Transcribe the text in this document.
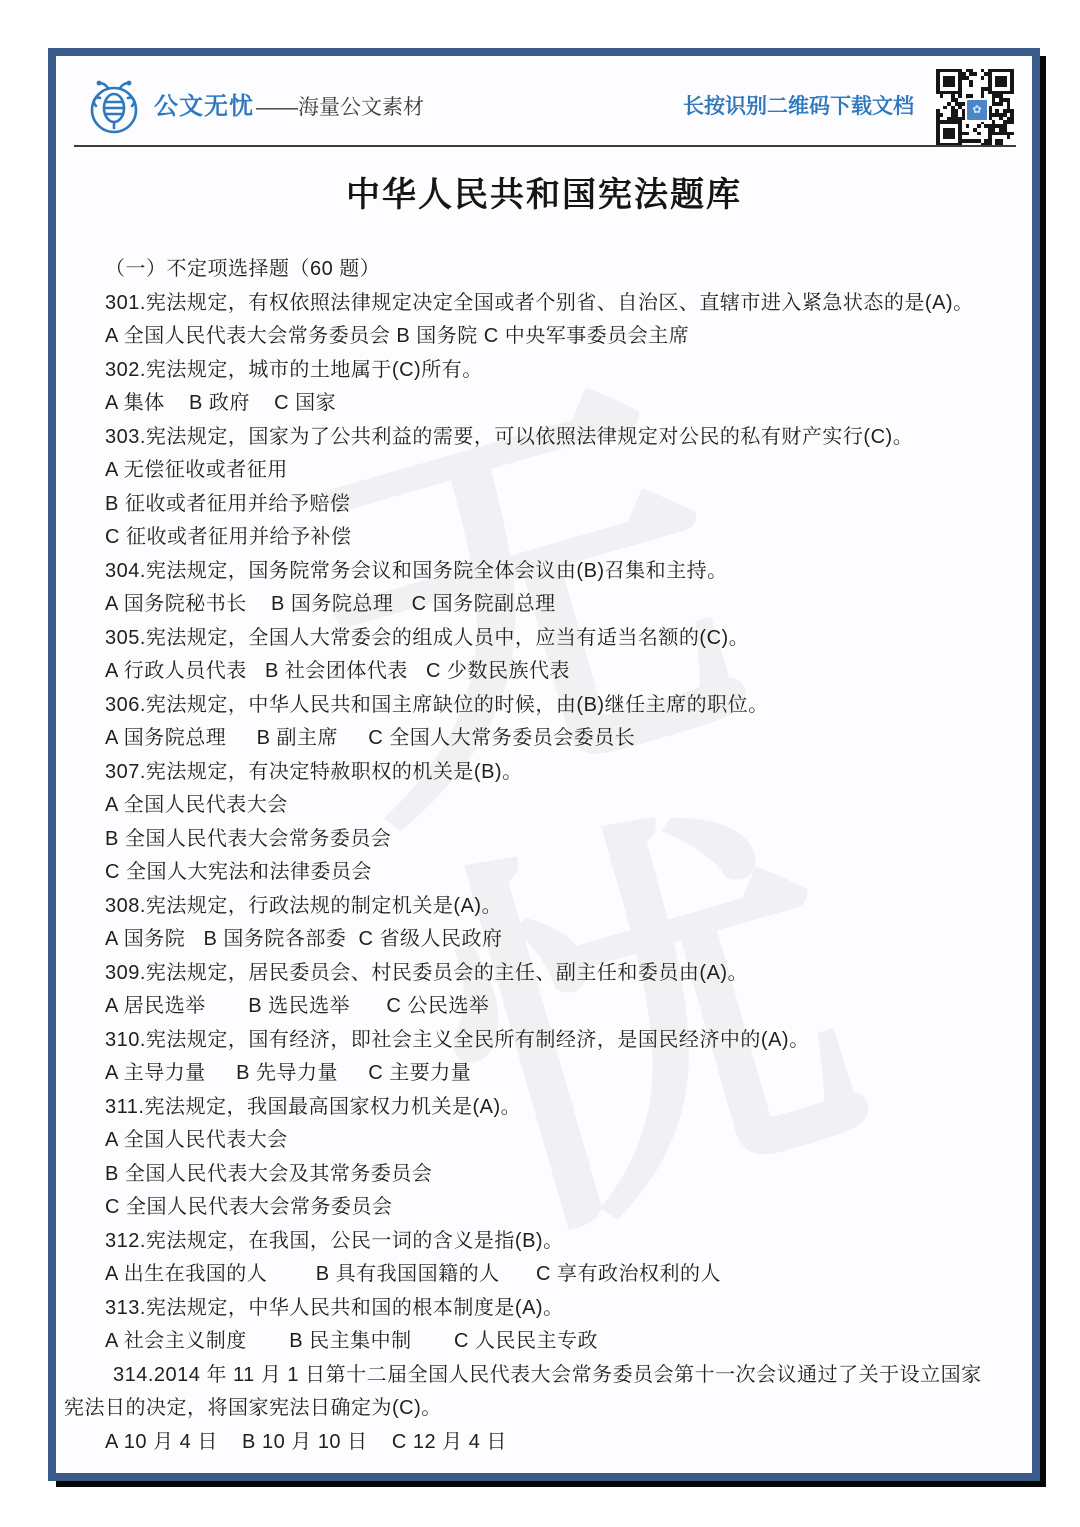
公文无忧 ——海量公文素材	长按识别二维码下载文档	✿
中华人民共和国宪法题库
（一）不定项选择题（60 题）
301.宪法规定，有权依照法律规定决定全国或者个别省、自治区、直辖市进入紧急状态的是(A)。
A 全国人民代表大会常务委员会 B 国务院 C 中央军事委员会主席
302.宪法规定，城市的土地属于(C)所有。
A 集体    B 政府    C 国家
303.宪法规定，国家为了公共利益的需要，可以依照法律规定对公民的私有财产实行(C)。
A 无偿征收或者征用
B 征收或者征用并给予赔偿
C 征收或者征用并给予补偿
304.宪法规定，国务院常务会议和国务院全体会议由(B)召集和主持。
A 国务院秘书长    B 国务院总理   C 国务院副总理
305.宪法规定，全国人大常委会的组成人员中，应当有适当名额的(C)。
A 行政人员代表   B 社会团体代表   C 少数民族代表
306.宪法规定，中华人民共和国主席缺位的时候，由(B)继任主席的职位。
A 国务院总理     B 副主席     C 全国人大常务委员会委员长
307.宪法规定，有决定特赦职权的机关是(B)。
A 全国人民代表大会
B 全国人民代表大会常务委员会
C 全国人大宪法和法律委员会
308.宪法规定，行政法规的制定机关是(A)。
A 国务院   B 国务院各部委  C 省级人民政府
309.宪法规定，居民委员会、村民委员会的主任、副主任和委员由(A)。
A 居民选举       B 选民选举      C 公民选举
310.宪法规定，国有经济，即社会主义全民所有制经济，是国民经济中的(A)。
A 主导力量     B 先导力量     C 主要力量
311.宪法规定，我国最高国家权力机关是(A)。
A 全国人民代表大会
B 全国人民代表大会及其常务委员会
C 全国人民代表大会常务委员会
312.宪法规定，在我国，公民一词的含义是指(B)。
A 出生在我国的人        B 具有我国国籍的人      C 享有政治权利的人
313.宪法规定，中华人民共和国的根本制度是(A)。
A 社会主义制度       B 民主集中制       C 人民民主专政
314.2014 年 11 月 1 日第十二届全国人民代表大会常务委员会第十一次会议通过了关于设立国家
宪法日的决定，将国家宪法日确定为(C)。
A 10 月 4 日    B 10 月 10 日    C 12 月 4 日
